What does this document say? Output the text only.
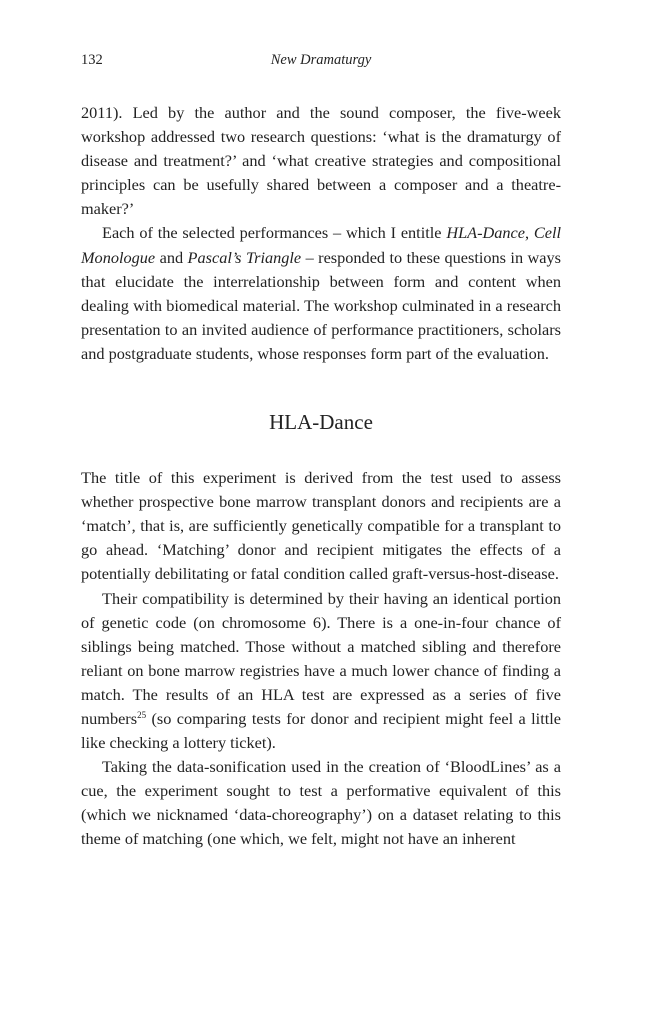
132	New Dramaturgy

2011). Led by the author and the sound composer, the five-week workshop addressed two research questions: ‘what is the dramaturgy of disease and treatment?’ and ‘what creative strategies and compositional principles can be usefully shared between a composer and a theatre-maker?’

Each of the selected performances – which I entitle HLA-Dance, Cell Monologue and Pascal’s Triangle – responded to these questions in ways that elucidate the interrelationship between form and content when dealing with biomedical material. The workshop culminated in a research presentation to an invited audience of performance practitioners, scholars and postgraduate students, whose responses form part of the evaluation.

HLA-Dance

The title of this experiment is derived from the test used to assess whether prospective bone marrow transplant donors and recipients are a ‘match’, that is, are sufficiently genetically compatible for a transplant to go ahead. ‘Matching’ donor and recipient mitigates the effects of a potentially debilitating or fatal condition called graft-versus-host-disease.

Their compatibility is determined by their having an identical portion of genetic code (on chromosome 6). There is a one-in-four chance of siblings being matched. Those without a matched sibling and therefore reliant on bone marrow registries have a much lower chance of finding a match. The results of an HLA test are expressed as a series of five numbers$^{25}$ (so comparing tests for donor and recipient might feel a little like checking a lottery ticket).

Taking the data-sonification used in the creation of ‘BloodLines’ as a cue, the experiment sought to test a performative equivalent of this (which we nicknamed ‘data-choreography’) on a dataset relating to this theme of matching (one which, we felt, might not have an inherent
